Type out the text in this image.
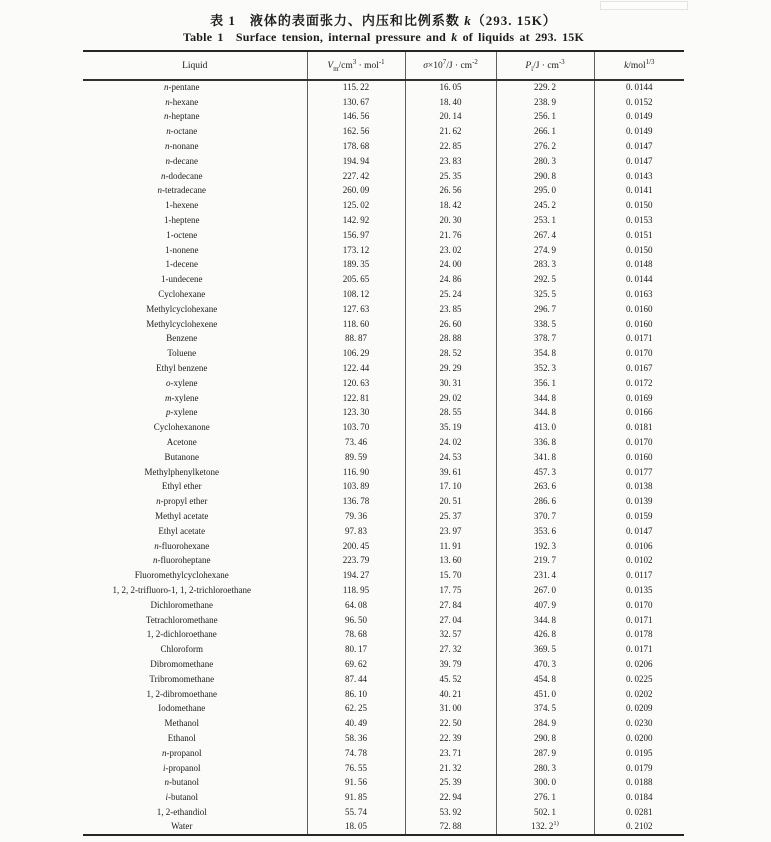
表 1　液体的表面张力、内压和比例系数 k（293. 15K）
Table 1　Surface tension, internal pressure and k of liquids at 293. 15K
Liquid	$V_m/cm^3 \cdot mol^{-1}$	$\sigma\times 10^7/J \cdot cm^{-2}$	$P_i/J \cdot cm^{-3}$	k/mol$^{1/3}$
n-pentane	115. 22	16. 05	229. 2	0. 0144
n-hexane	130. 67	18. 40	238. 9	0. 0152
n-heptane	146. 56	20. 14	256. 1	0. 0149
n-octane	162. 56	21. 62	266. 1	0. 0149
n-nonane	178. 68	22. 85	276. 2	0. 0147
n-decane	194. 94	23. 83	280. 3	0. 0147
n-dodecane	227. 42	25. 35	290. 8	0. 0143
n-tetradecane	260. 09	26. 56	295. 0	0. 0141
1-hexene	125. 02	18. 42	245. 2	0. 0150
1-heptene	142. 92	20. 30	253. 1	0. 0153
1-octene	156. 97	21. 76	267. 4	0. 0151
1-nonene	173. 12	23. 02	274. 9	0. 0150
1-decene	189. 35	24. 00	283. 3	0. 0148
1-undecene	205. 65	24. 86	292. 5	0. 0144
Cyclohexane	108. 12	25. 24	325. 5	0. 0163
Methylcyclohexane	127. 63	23. 85	296. 7	0. 0160
Methylcyclohexene	118. 60	26. 60	338. 5	0. 0160
Benzene	88. 87	28. 88	378. 7	0. 0171
Toluene	106. 29	28. 52	354. 8	0. 0170
Ethyl benzene	122. 44	29. 29	352. 3	0. 0167
o-xylene	120. 63	30. 31	356. 1	0. 0172
m-xylene	122. 81	29. 02	344. 8	0. 0169
p-xylene	123. 30	28. 55	344. 8	0. 0166
Cyclohexanone	103. 70	35. 19	413. 0	0. 0181
Acetone	73. 46	24. 02	336. 8	0. 0170
Butanone	89. 59	24. 53	341. 8	0. 0160
Methylphenylketone	116. 90	39. 61	457. 3	0. 0177
Ethyl ether	103. 89	17. 10	263. 6	0. 0138
n-propyl ether	136. 78	20. 51	286. 6	0. 0139
Methyl acetate	79. 36	25. 37	370. 7	0. 0159
Ethyl acetate	97. 83	23. 97	353. 6	0. 0147
n-fluorohexane	200. 45	11. 91	192. 3	0. 0106
n-fluoroheptane	223. 79	13. 60	219. 7	0. 0102
Fluoromethylcyclohexane	194. 27	15. 70	231. 4	0. 0117
1, 2, 2-trifluoro-1, 1, 2-trichloroethane	118. 95	17. 75	267. 0	0. 0135
Dichloromethane	64. 08	27. 84	407. 9	0. 0170
Tetrachloromethane	96. 50	27. 04	344. 8	0. 0171
1, 2-dichloroethane	78. 68	32. 57	426. 8	0. 0178
Chloroform	80. 17	27. 32	369. 5	0. 0171
Dibromomethane	69. 62	39. 79	470. 3	0. 0206
Tribromomethane	87. 44	45. 52	454. 8	0. 0225
1, 2-dibromoethane	86. 10	40. 21	451. 0	0. 0202
Iodomethane	62. 25	31. 00	374. 5	0. 0209
Methanol	40. 49	22. 50	284. 9	0. 0230
Ethanol	58. 36	22. 39	290. 8	0. 0200
n-propanol	74. 78	23. 71	287. 9	0. 0195
i-propanol	76. 55	21. 32	280. 3	0. 0179
n-butanol	91. 56	25. 39	300. 0	0. 0188
i-butanol	91. 85	22. 94	276. 1	0. 0184
1, 2-ethandiol	55. 74	53. 92	502. 1	0. 0281
Water	18. 05	72. 88	132. 2$^{1)}$	0. 2102
